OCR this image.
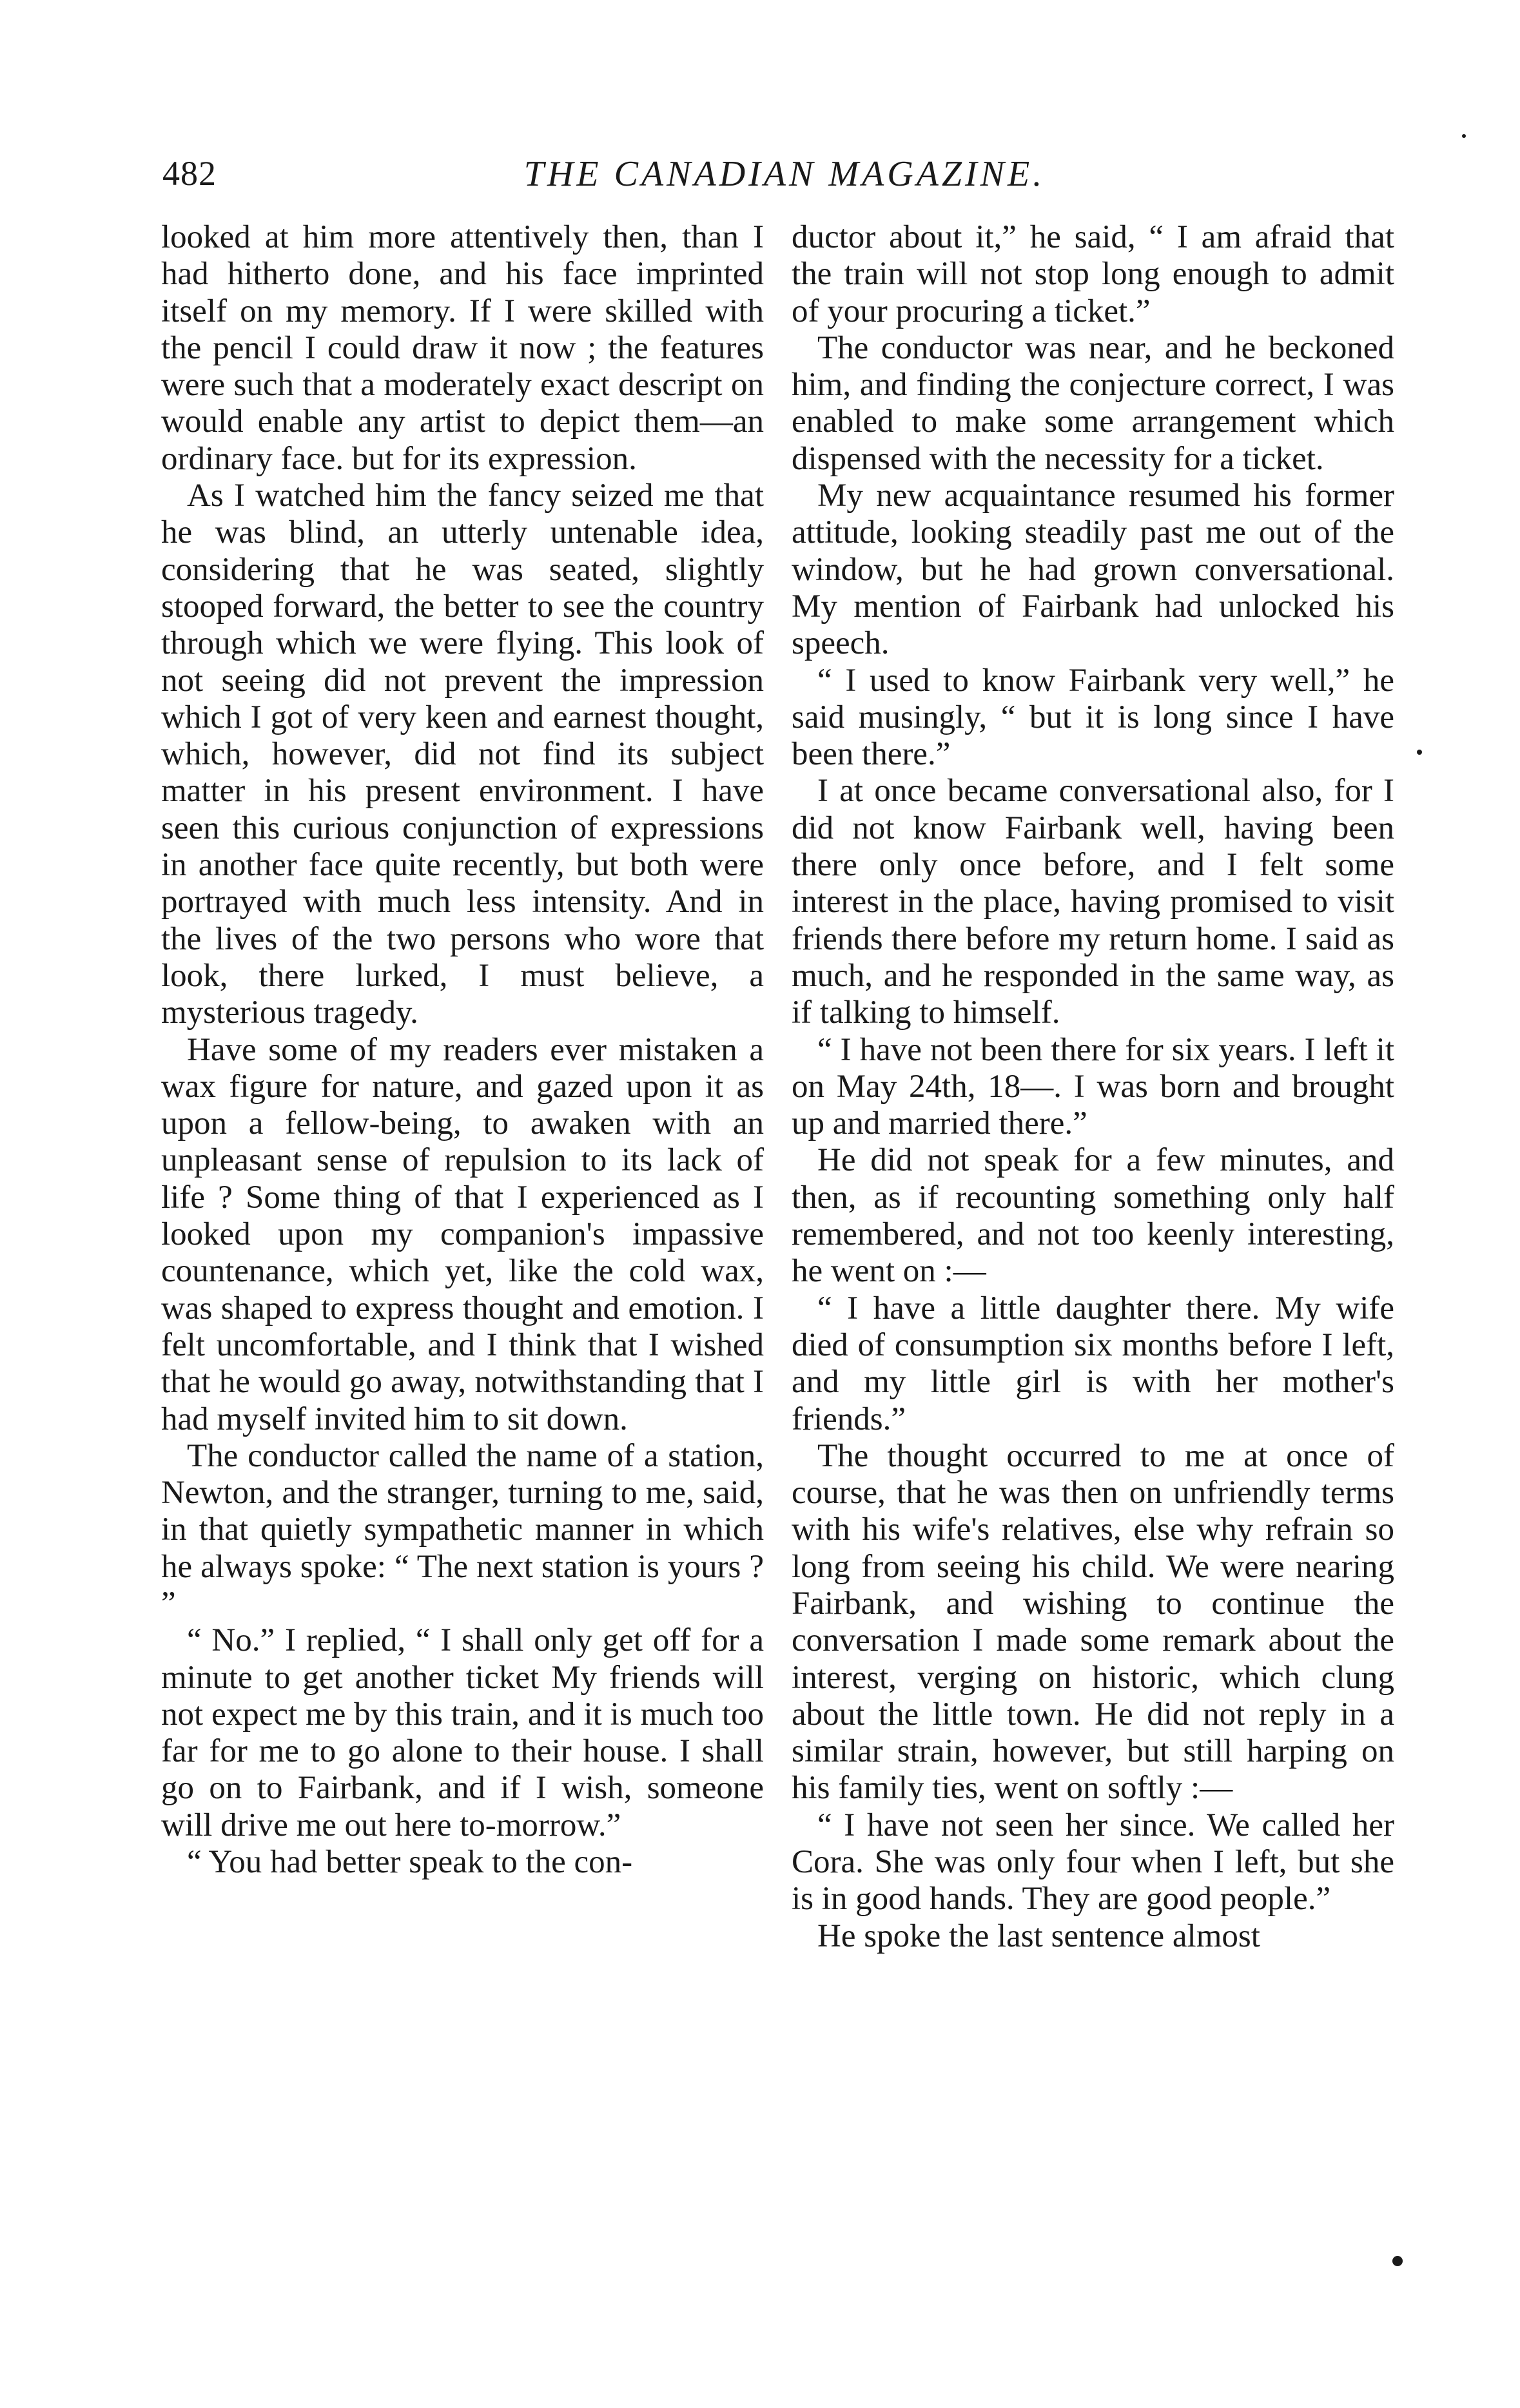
482	THE CANADIAN MAGAZINE.

looked at him more attentively then, than I had hitherto done, and his face imprinted itself on my memory. If I were skilled with the pencil I could draw it now ; the features were such that a moderately exact descript on would enable any artist to depict them—an ordinary face. but for its expression.

As I watched him the fancy seized me that he was blind, an utterly untenable idea, considering that he was seated, slightly stooped forward, the better to see the country through which we were flying. This look of not seeing did not prevent the impression which I got of very keen and earnest thought, which, however, did not find its subject matter in his present environment. I have seen this curious conjunction of expressions in another face quite recently, but both were portrayed with much less intensity. And in the lives of the two persons who wore that look, there lurked, I must believe, a mysterious tragedy.

Have some of my readers ever mistaken a wax figure for nature, and gazed upon it as upon a fellow-being, to awaken with an unpleasant sense of repulsion to its lack of life ? Some thing of that I experienced as I looked upon my companion's impassive countenance, which yet, like the cold wax, was shaped to express thought and emotion. I felt uncomfortable, and I think that I wished that he would go away, notwithstanding that I had myself invited him to sit down.

The conductor called the name of a station, Newton, and the stranger, turning to me, said, in that quietly sympathetic manner in which he always spoke: “ The next station is yours ? ”

“ No.” I replied, “ I shall only get off for a minute to get another ticket My friends will not expect me by this train, and it is much too far for me to go alone to their house. I shall go on to Fairbank, and if I wish, someone will drive me out here to-morrow.”

“ You had better speak to the con-

ductor about it,” he said, “ I am afraid that the train will not stop long enough to admit of your procuring a ticket.”

The conductor was near, and he beckoned him, and finding the conjecture correct, I was enabled to make some arrangement which dispensed with the necessity for a ticket.

My new acquaintance resumed his former attitude, looking steadily past me out of the window, but he had grown conversational. My mention of Fairbank had unlocked his speech.

“ I used to know Fairbank very well,” he said musingly, “ but it is long since I have been there.”

I at once became conversational also, for I did not know Fairbank well, having been there only once before, and I felt some interest in the place, having promised to visit friends there before my return home. I said as much, and he responded in the same way, as if talking to himself.

“ I have not been there for six years. I left it on May 24th, 18—. I was born and brought up and married there.”

He did not speak for a few minutes, and then, as if recounting something only half remembered, and not too keenly interesting, he went on :—

“ I have a little daughter there. My wife died of consumption six months before I left, and my little girl is with her mother's friends.”

The thought occurred to me at once of course, that he was then on unfriendly terms with his wife's relatives, else why refrain so long from seeing his child. We were nearing Fairbank, and wishing to continue the conversation I made some remark about the interest, verging on historic, which clung about the little town. He did not reply in a similar strain, however, but still harping on his family ties, went on softly :—

“ I have not seen her since. We called her Cora. She was only four when I left, but she is in good hands. They are good people.”

He spoke the last sentence almost
